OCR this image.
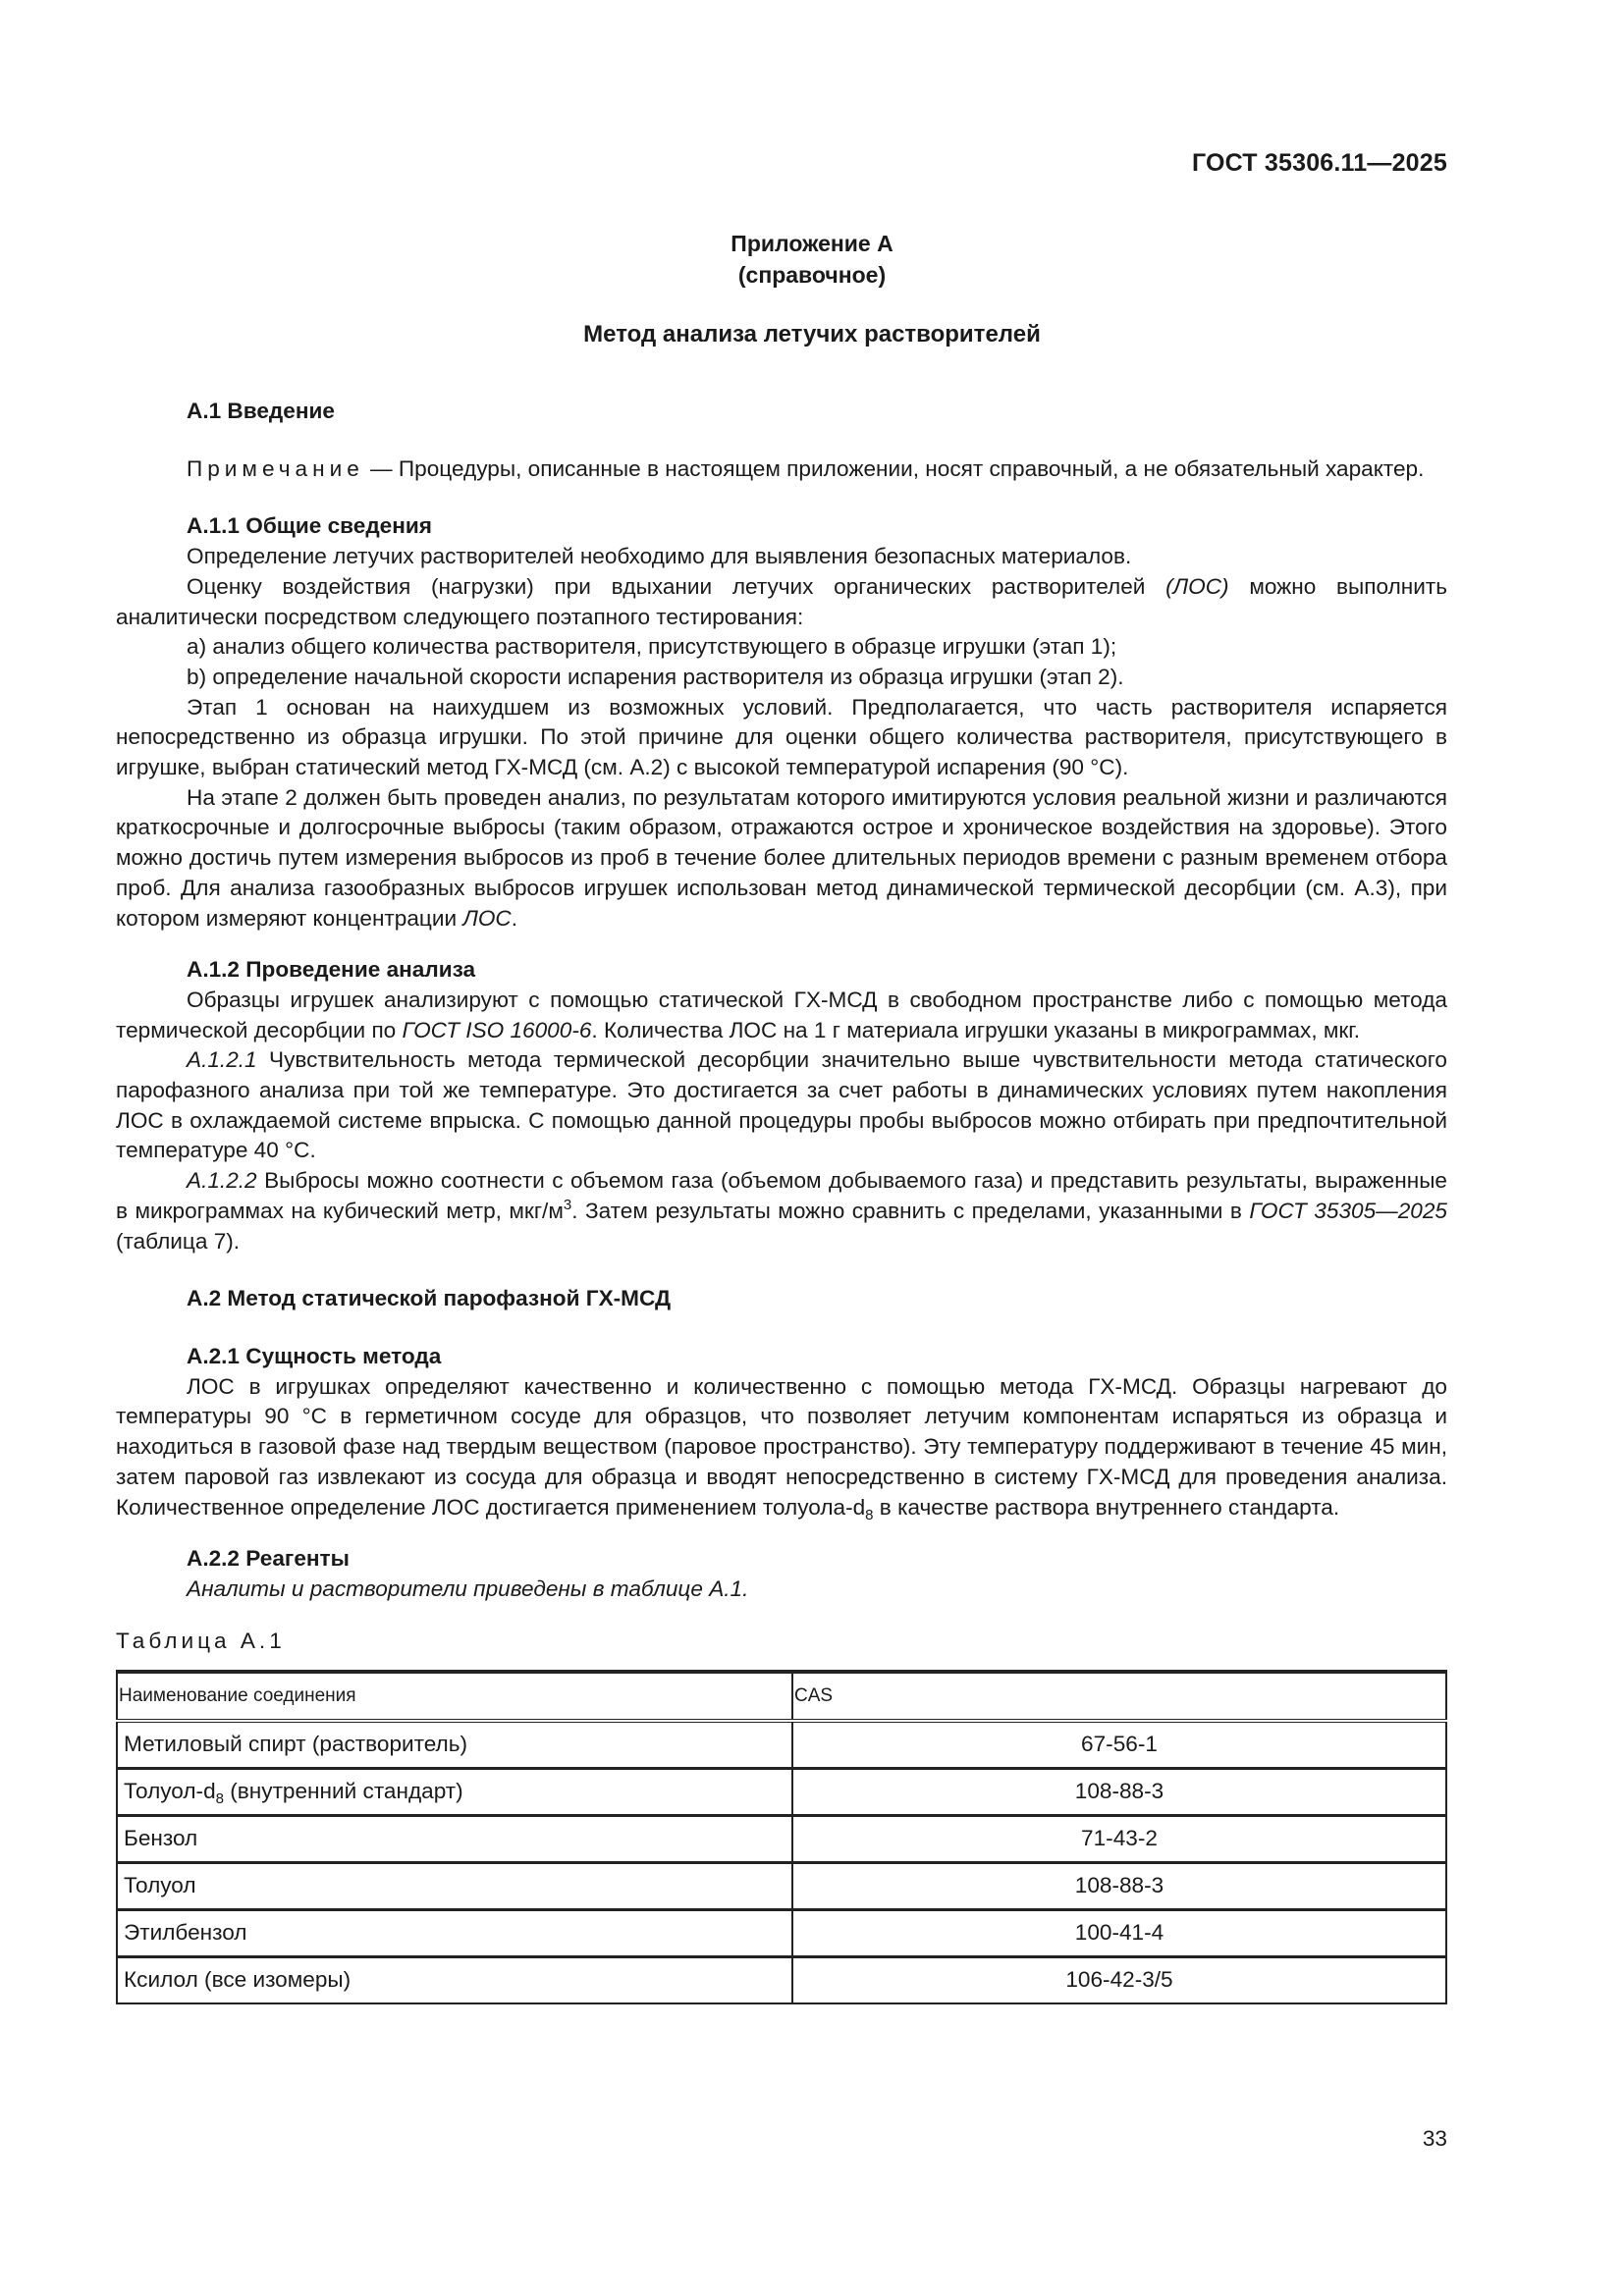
ГОСТ 35306.11—2025
Приложение А
(справочное)
Метод анализа летучих растворителей
А.1 Введение

Примечание — Процедуры, описанные в настоящем приложении, носят справочный, а не обязательный характер.

А.1.1 Общие сведения

Определение летучих растворителей необходимо для выявления безопасных материалов.

Оценку воздействия (нагрузки) при вдыхании летучих органических растворителей (ЛОС) можно выполнить аналитически посредством следующего поэтапного тестирования:

а) анализ общего количества растворителя, присутствующего в образце игрушки (этап 1);

b) определение начальной скорости испарения растворителя из образца игрушки (этап 2).

Этап 1 основан на наихудшем из возможных условий. Предполагается, что часть растворителя испаряется непосредственно из образца игрушки. По этой причине для оценки общего количества растворителя, присутствующего в игрушке, выбран статический метод ГХ-МСД (см. А.2) с высокой температурой испарения (90 °С).

На этапе 2 должен быть проведен анализ, по результатам которого имитируются условия реальной жизни и различаются краткосрочные и долгосрочные выбросы (таким образом, отражаются острое и хроническое воздействия на здоровье). Этого можно достичь путем измерения выбросов из проб в течение более длительных периодов времени с разным временем отбора проб. Для анализа газообразных выбросов игрушек использован метод динамической термической десорбции (см. А.3), при котором измеряют концентрации ЛОС.

А.1.2 Проведение анализа

Образцы игрушек анализируют с помощью статической ГХ-МСД в свободном пространстве либо с помощью метода термической десорбции по ГОСТ ISO 16000-6. Количества ЛОС на 1 г материала игрушки указаны в микрограммах, мкг.

А.1.2.1 Чувствительность метода термической десорбции значительно выше чувствительности метода статического парофазного анализа при той же температуре. Это достигается за счет работы в динамических условиях путем накопления ЛОС в охлаждаемой системе впрыска. С помощью данной процедуры пробы выбросов можно отбирать при предпочтительной температуре 40 °С.

А.1.2.2 Выбросы можно соотнести с объемом газа (объемом добываемого газа) и представить результаты, выраженные в микрограммах на кубический метр, мкг/$м^3$. Затем результаты можно сравнить с пределами, указанными в ГОСТ 35305—2025 (таблица 7).

А.2 Метод статической парофазной ГХ-МСД
А.2.1 Сущность метода

ЛОС в игрушках определяют качественно и количественно с помощью метода ГХ-МСД. Образцы нагревают до температуры 90 °С в герметичном сосуде для образцов, что позволяет летучим компонентам испаряться из образца и находиться в газовой фазе над твердым веществом (паровое пространство). Эту температуру поддерживают в течение 45 мин, затем паровой газ извлекают из сосуда для образца и вводят непосредственно в систему ГХ-МСД для проведения анализа. Количественное определение ЛОС достигается применением толуола-$d_8$ в качестве раствора внутреннего стандарта.

А.2.2 Реагенты

Аналиты и растворители приведены в таблице А.1.

Таблица А.1
Наименование соединения	CAS
Метиловый спирт (растворитель)	67-56-1
Толуол-$d_8$ (внутренний стандарт)	108-88-3
Бензол	71-43-2
Толуол	108-88-3
Этилбензол	100-41-4
Ксилол (все изомеры)	106-42-3/5
33
